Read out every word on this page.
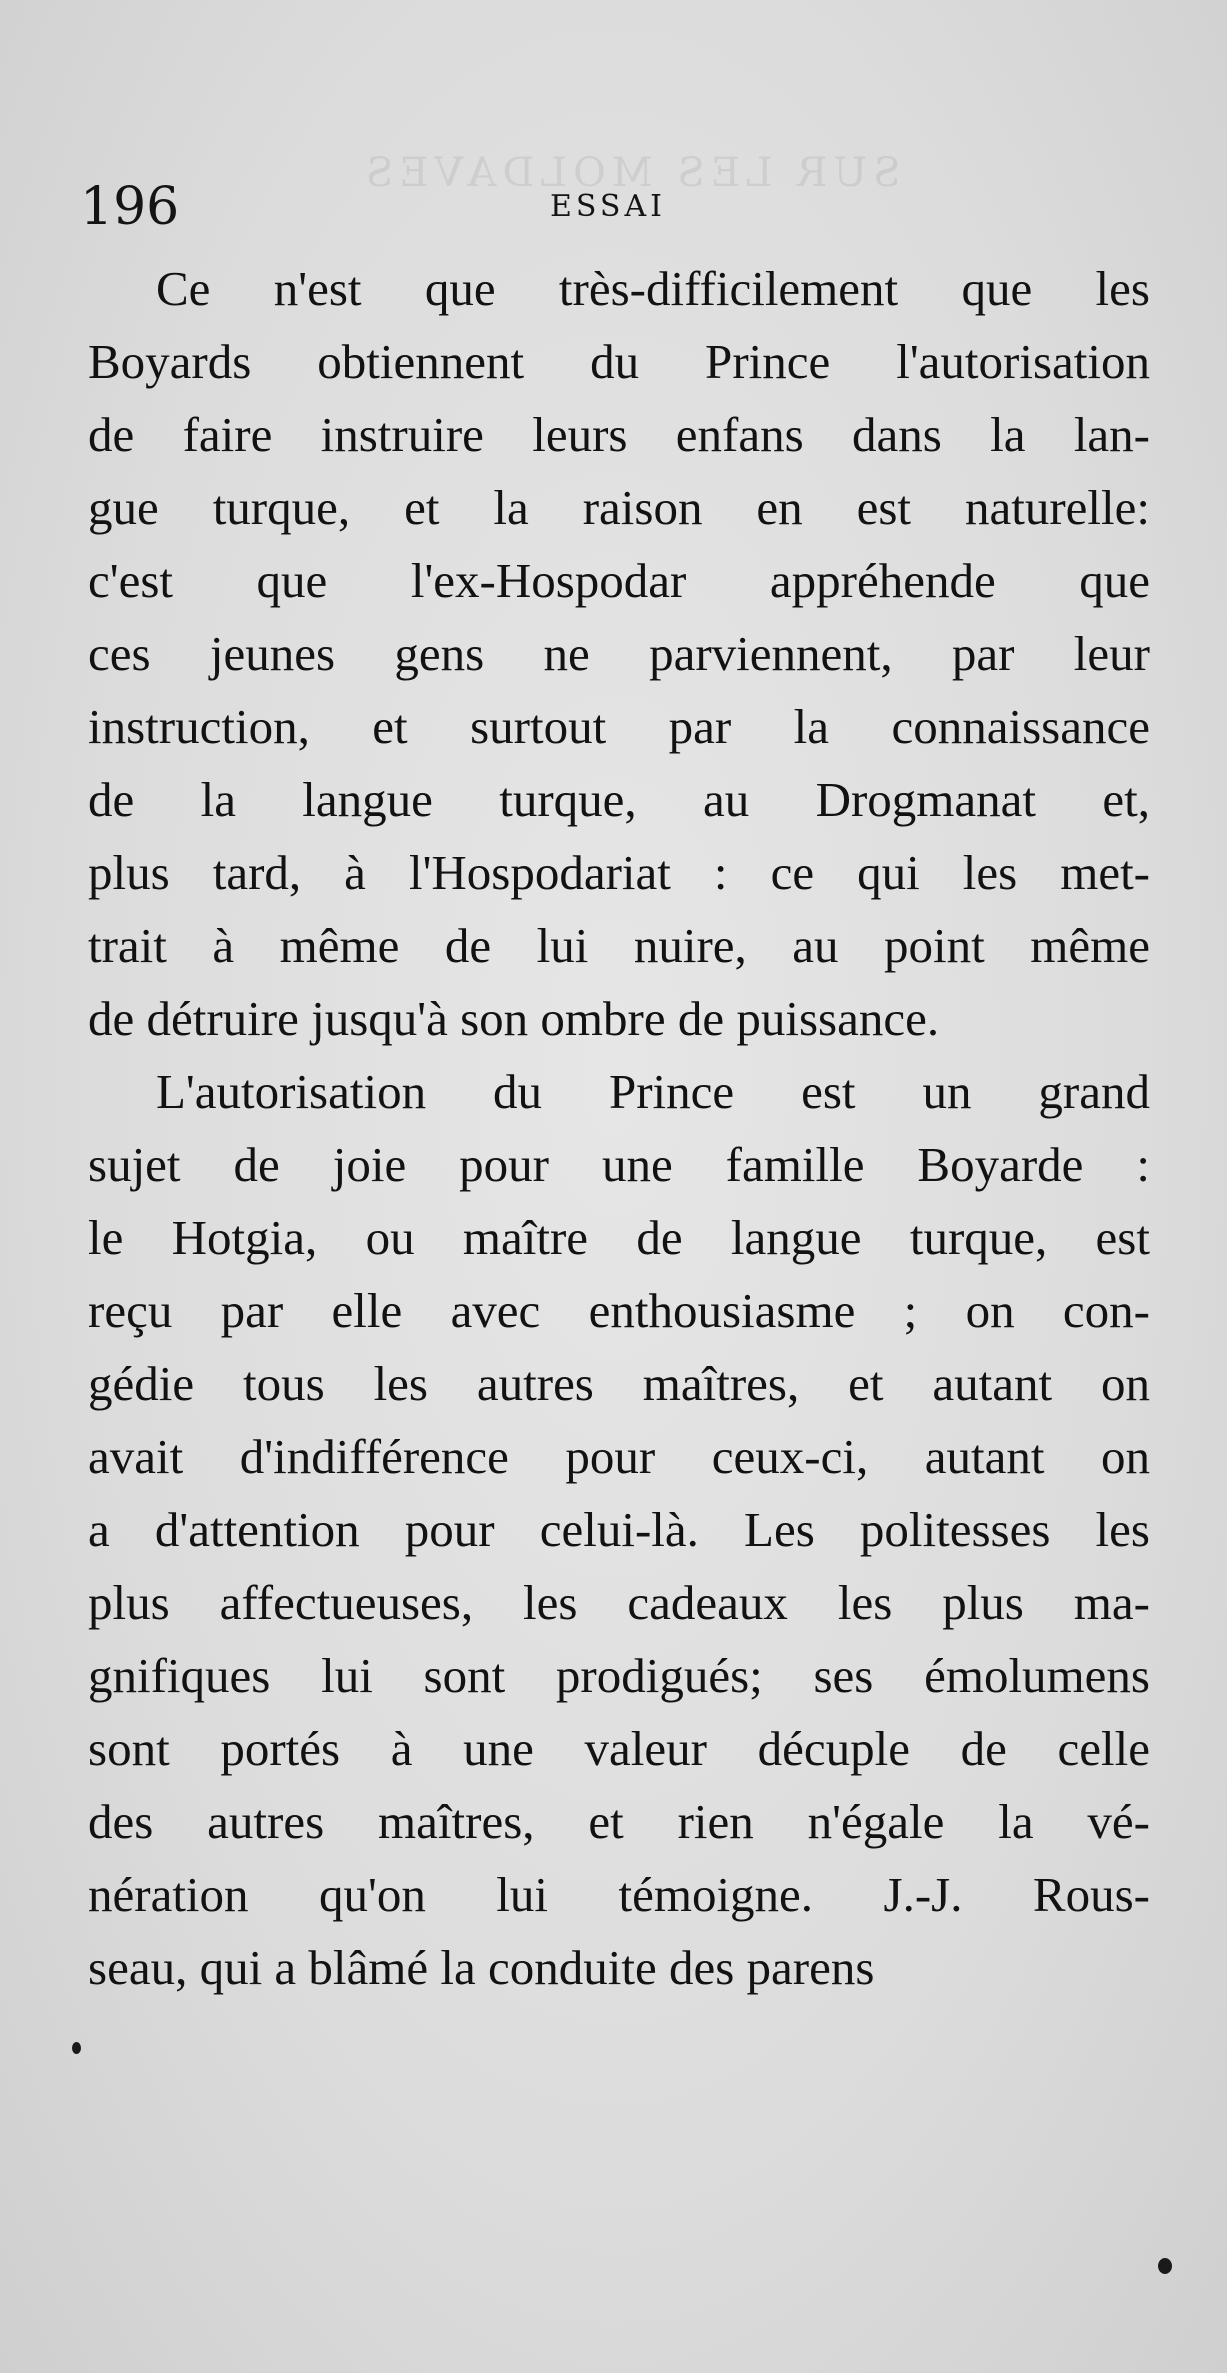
SUR LES MOLDAVES
196	ESSAI
Ce n'est que très-difficilement que les
Boyards obtiennent du Prince l'autorisation
de faire instruire leurs enfans dans la lan-
gue turque, et la raison en est naturelle:
c'est que l'ex-Hospodar appréhende que
ces jeunes gens ne parviennent, par leur
instruction, et surtout par la connaissance
de la langue turque, au Drogmanat et,
plus tard, à l'Hospodariat : ce qui les met-
trait à même de lui nuire, au point même
de détruire jusqu'à son ombre de puissance.
L'autorisation du Prince est un grand
sujet de joie pour une famille Boyarde :
le Hotgia, ou maître de langue turque, est
reçu par elle avec enthousiasme ; on con-
gédie tous les autres maîtres, et autant on
avait d'indifférence pour ceux-ci, autant on
a d'attention pour celui-là. Les politesses les
plus affectueuses, les cadeaux les plus ma-
gnifiques lui sont prodigués; ses émolumens
sont portés à une valeur décuple de celle
des autres maîtres, et rien n'égale la vé-
nération qu'on lui témoigne. J.-J. Rous-
seau, qui a blâmé la conduite des parens
